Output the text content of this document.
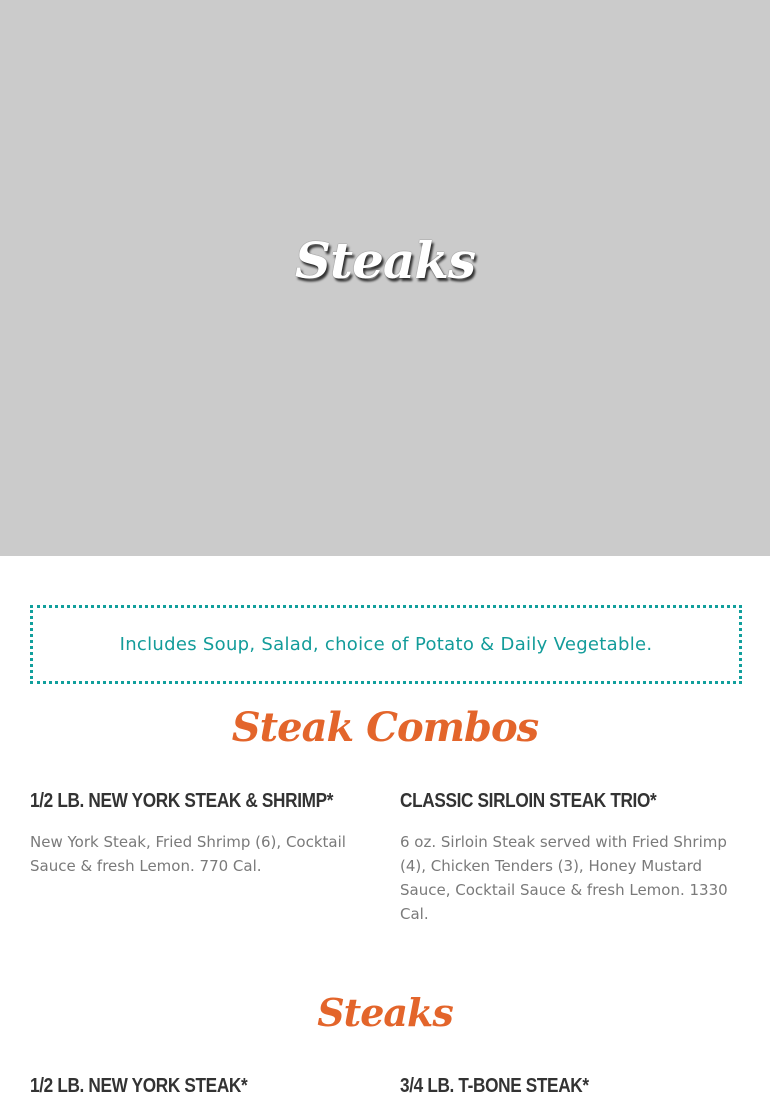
Steaks
Includes Soup, Salad, choice of Potato & Daily Vegetable.
Steak Combos
1/2 LB. NEW YORK STEAK & SHRIMP*
New York Steak, Fried Shrimp (6), Cocktail Sauce & fresh Lemon. 770 Cal.
CLASSIC SIRLOIN STEAK TRIO*
6 oz. Sirloin Steak served with Fried Shrimp (4), Chicken Tenders (3), Honey Mustard Sauce, Cocktail Sauce & fresh Lemon. 1330 Cal.
Steaks
1/2 LB. NEW YORK STEAK*	3/4 LB. T-BONE STEAK*
